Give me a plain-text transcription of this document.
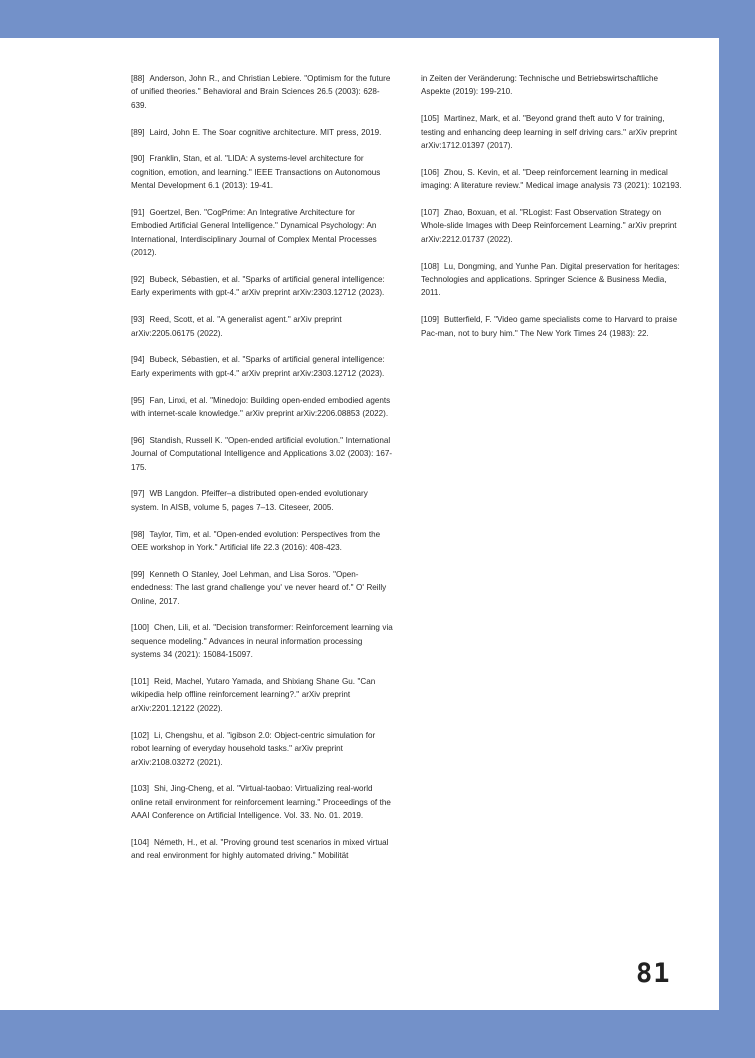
[88] Anderson, John R., and Christian Lebiere. "Optimism for the future of unified theories." Behavioral and Brain Sciences 26.5 (2003): 628-639.

[89] Laird, John E. The Soar cognitive architecture. MIT press, 2019.

[90] Franklin, Stan, et al. "LIDA: A systems-level architecture for cognition, emotion, and learning." IEEE Transactions on Autonomous Mental Development 6.1 (2013): 19-41.

[91] Goertzel, Ben. "CogPrime: An Integrative Architecture for Embodied Artificial General Intelligence." Dynamical Psychology: An International, Interdisciplinary Journal of Complex Mental Processes (2012).

[92] Bubeck, Sébastien, et al. "Sparks of artificial general intelligence: Early experiments with gpt-4." arXiv preprint arXiv:2303.12712 (2023).

[93] Reed, Scott, et al. "A generalist agent." arXiv preprint arXiv:2205.06175 (2022).

[94] Bubeck, Sébastien, et al. "Sparks of artificial general intelligence: Early experiments with gpt-4." arXiv preprint arXiv:2303.12712 (2023).

[95] Fan, Linxi, et al. "Minedojo: Building open-ended embodied agents with internet-scale knowledge." arXiv preprint arXiv:2206.08853 (2022).

[96] Standish, Russell K. "Open-ended artificial evolution." International Journal of Computational Intelligence and Applications 3.02 (2003): 167-175.

[97] WB Langdon. Pfeiffer–a distributed open-ended evolutionary system. In AISB, volume 5, pages 7–13. Citeseer, 2005.

[98] Taylor, Tim, et al. "Open-ended evolution: Perspectives from the OEE workshop in York." Artificial life 22.3 (2016): 408-423.

[99] Kenneth O Stanley, Joel Lehman, and Lisa Soros. "Open-endedness: The last grand challenge you' ve never heard of." O' Reilly Online, 2017.

[100] Chen, Lili, et al. "Decision transformer: Reinforcement learning via sequence modeling." Advances in neural information processing systems 34 (2021): 15084-15097.

[101] Reid, Machel, Yutaro Yamada, and Shixiang Shane Gu. "Can wikipedia help offline reinforcement learning?." arXiv preprint arXiv:2201.12122 (2022).

[102] Li, Chengshu, et al. "igibson 2.0: Object-centric simulation for robot learning of everyday household tasks." arXiv preprint arXiv:2108.03272 (2021).

[103] Shi, Jing-Cheng, et al. "Virtual-taobao: Virtualizing real-world online retail environment for reinforcement learning." Proceedings of the AAAI Conference on Artificial Intelligence. Vol. 33. No. 01. 2019.

[104] Németh, H., et al. "Proving ground test scenarios in mixed virtual and real environment for highly automated driving." Mobilität

in Zeiten der Veränderung: Technische und Betriebswirtschaftliche Aspekte (2019): 199-210.

[105] Martinez, Mark, et al. "Beyond grand theft auto V for training, testing and enhancing deep learning in self driving cars." arXiv preprint arXiv:1712.01397 (2017).

[106] Zhou, S. Kevin, et al. "Deep reinforcement learning in medical imaging: A literature review." Medical image analysis 73 (2021): 102193.

[107] Zhao, Boxuan, et al. "RLogist: Fast Observation Strategy on Whole-slide Images with Deep Reinforcement Learning." arXiv preprint arXiv:2212.01737 (2022).

[108] Lu, Dongming, and Yunhe Pan. Digital preservation for heritages: Technologies and applications. Springer Science & Business Media, 2011.

[109] Butterfield, F. "Video game specialists come to Harvard to praise Pac-man, not to bury him." The New York Times 24 (1983): 22.

81
